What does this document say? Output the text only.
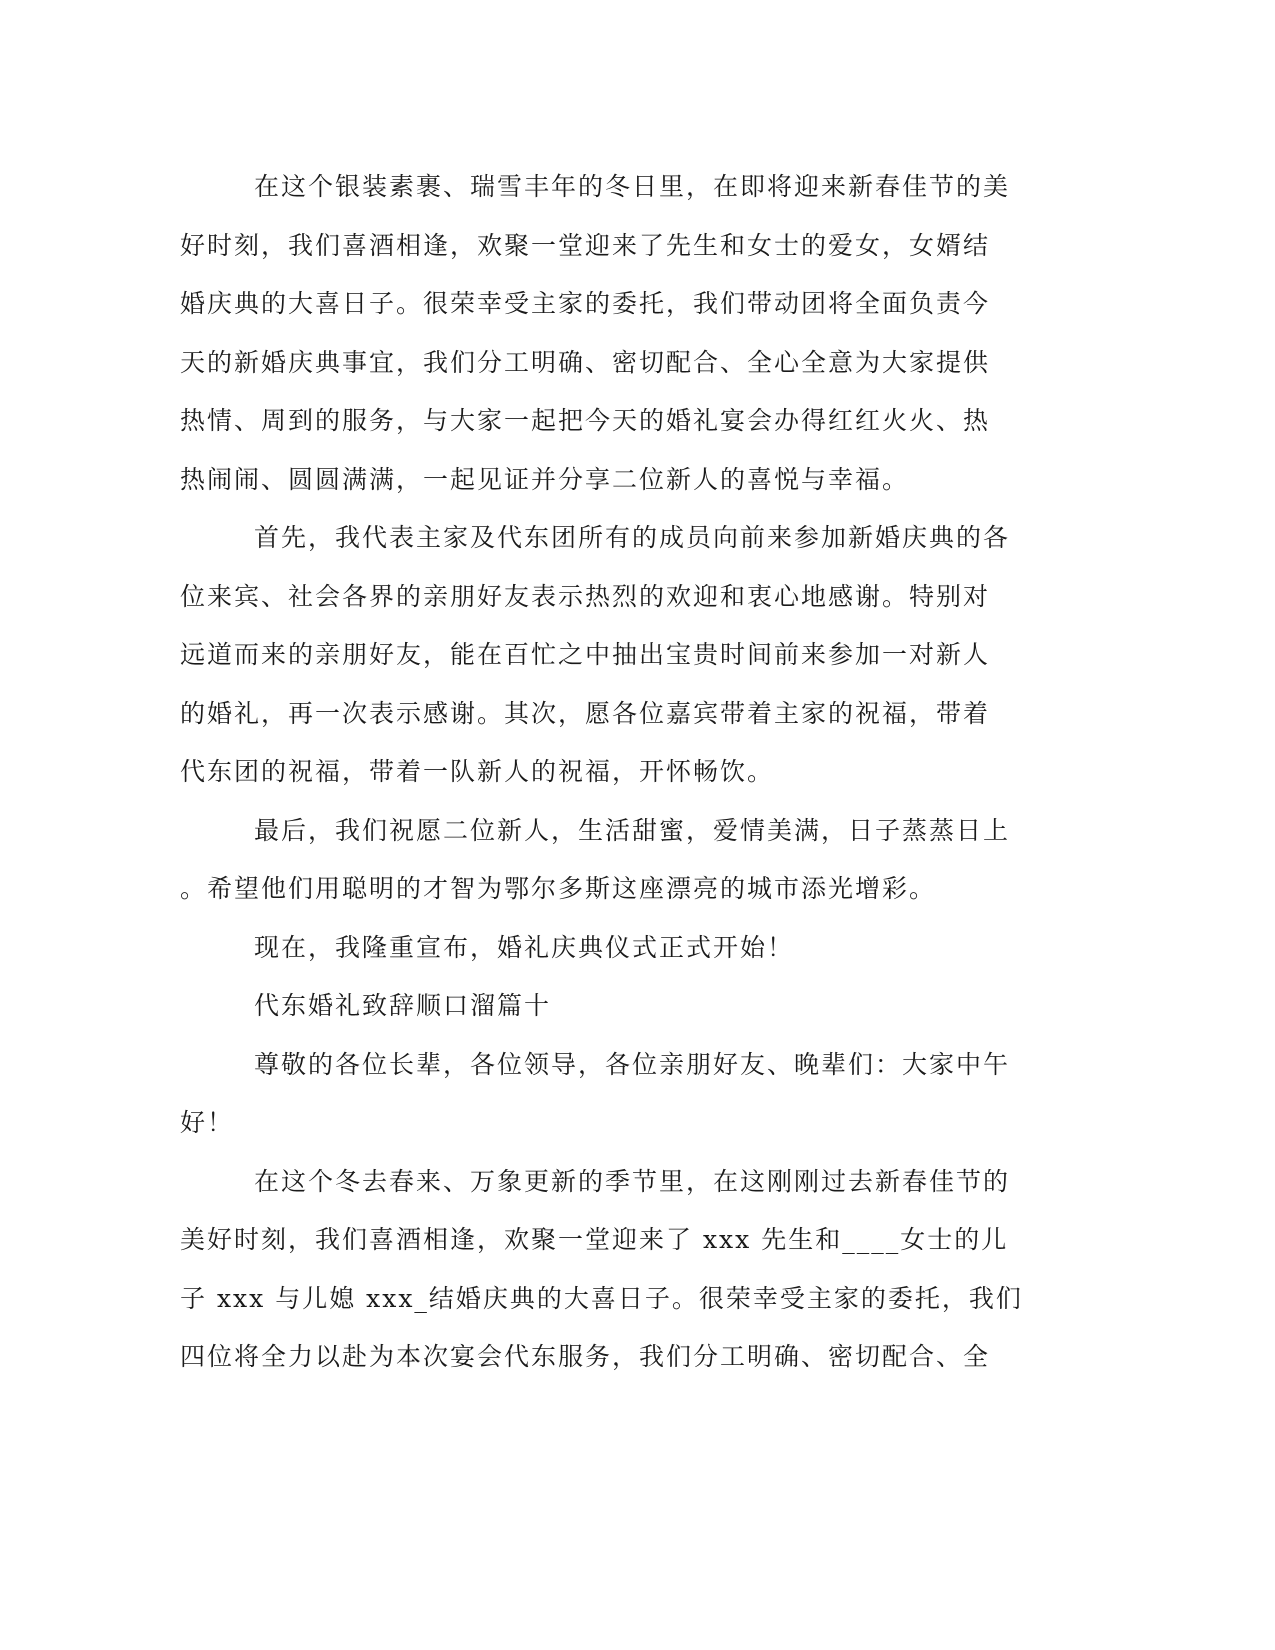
在这个银装素裹、瑞雪丰年的冬日里，在即将迎来新春佳节的美
好时刻，我们喜酒相逢，欢聚一堂迎来了先生和女士的爱女，女婿结
婚庆典的大喜日子。很荣幸受主家的委托，我们带动团将全面负责今
天的新婚庆典事宜，我们分工明确、密切配合、全心全意为大家提供
热情、周到的服务，与大家一起把今天的婚礼宴会办得红红火火、热
热闹闹、圆圆满满，一起见证并分享二位新人的喜悦与幸福。
首先，我代表主家及代东团所有的成员向前来参加新婚庆典的各
位来宾、社会各界的亲朋好友表示热烈的欢迎和衷心地感谢。特别对
远道而来的亲朋好友，能在百忙之中抽出宝贵时间前来参加一对新人
的婚礼，再一次表示感谢。其次，愿各位嘉宾带着主家的祝福，带着
代东团的祝福，带着一队新人的祝福，开怀畅饮。
最后，我们祝愿二位新人，生活甜蜜，爱情美满，日子蒸蒸日上
。希望他们用聪明的才智为鄂尔多斯这座漂亮的城市添光增彩。
现在，我隆重宣布，婚礼庆典仪式正式开始！
代东婚礼致辞顺口溜篇十
尊敬的各位长辈，各位领导，各位亲朋好友、晚辈们：大家中午
好！
在这个冬去春来、万象更新的季节里，在这刚刚过去新春佳节的
美好时刻，我们喜酒相逢，欢聚一堂迎来了 xxx 先生和____女士的儿
子 xxx 与儿媳 xxx_结婚庆典的大喜日子。很荣幸受主家的委托，我们
四位将全力以赴为本次宴会代东服务，我们分工明确、密切配合、全
